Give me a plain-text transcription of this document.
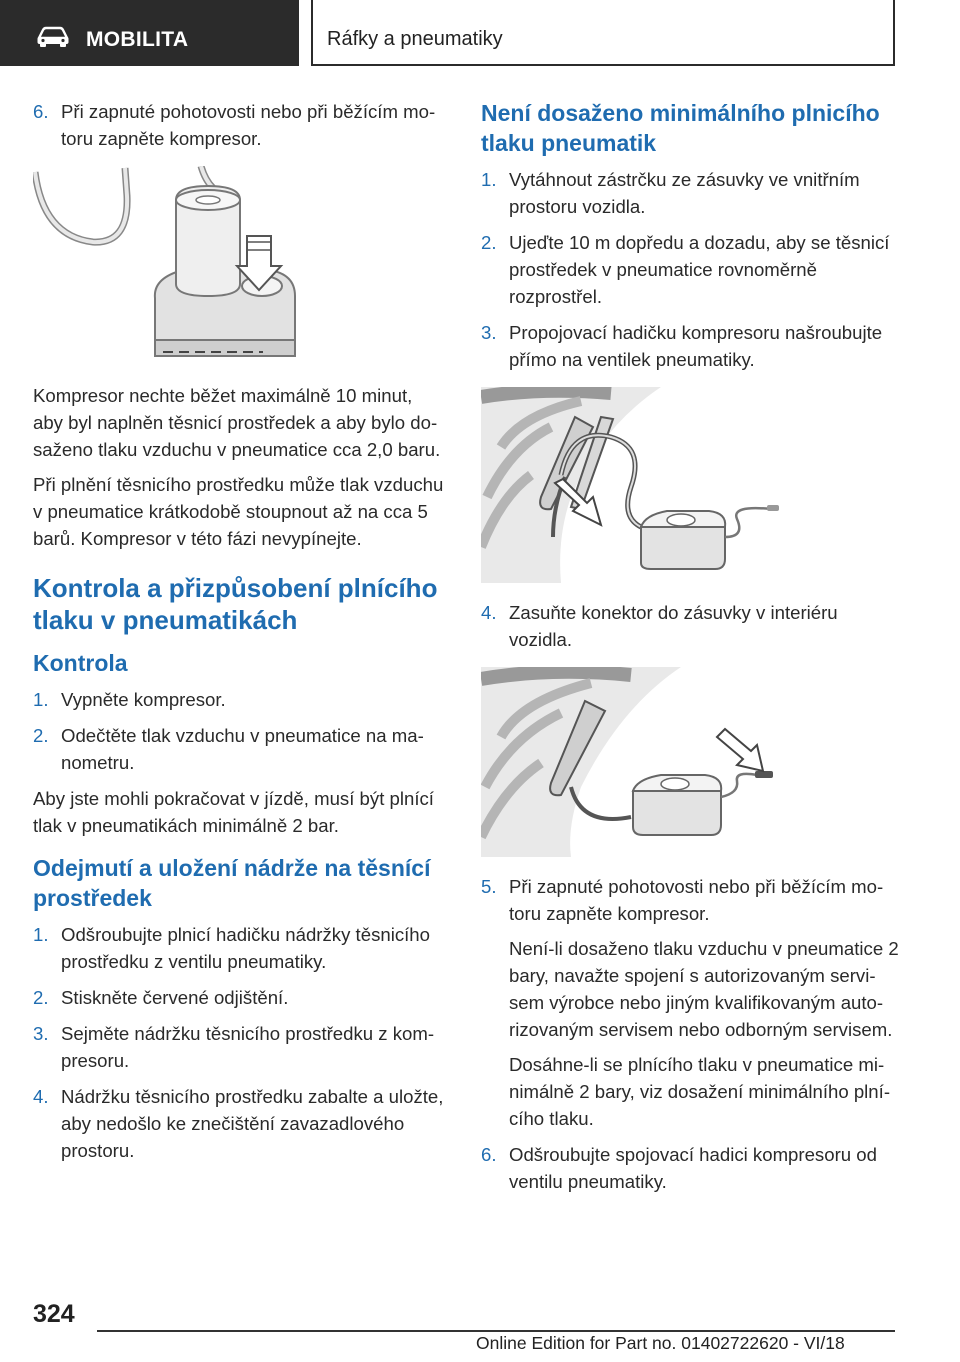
MOBILITA	Ráfky a pneumatiky
6. Při zapnuté pohotovosti nebo při běžícím motoru zapněte kompresor.

Kompresor nechte běžet maximálně 10 minut, aby byl naplněn těsnicí prostředek a aby bylo dosaženo tlaku vzduchu v pneumatice cca 2,0 baru.

Při plnění těsnicího prostředku může tlak vzduchu v pneumatice krátkodobě stoupnout až na cca 5 barů. Kompresor v této fázi nevypínejte.

Kontrola a přizpůsobení plnícího tlaku v pneumatikách
Kontrola
1. Vypněte kompresor.
2. Odečtěte tlak vzduchu v pneumatice na manometru.

Aby jste mohli pokračovat v jízdě, musí být plnící tlak v pneumatikách minimálně 2 bar.

Odejmutí a uložení nádrže na těsnící prostředek
1. Odšroubujte plnicí hadičku nádržky těsnicího prostředku z ventilu pneumatiky.
2. Stiskněte červené odjištění.
3. Sejměte nádržku těsnicího prostředku z kompresoru.
4. Nádržku těsnicího prostředku zabalte a uložte, aby nedošlo ke znečištění zavazadlového prostoru.
Není dosaženo minimálního plnicího tlaku pneumatik
1. Vytáhnout zástrčku ze zásuvky ve vnitřním prostoru vozidla.
2. Ujeďte 10 m dopředu a dozadu, aby se těsnicí prostředek v pneumatice rovnoměrně rozprostřel.
3. Propojovací hadičku kompresoru našroubujte přímo na ventilek pneumatiky.
4. Zasuňte konektor do zásuvky v interiéru vozidla.
5. Při zapnuté pohotovosti nebo při běžícím motoru zapněte kompresor.
Není-li dosaženo tlaku vzduchu v pneumatice 2 bary, navažte spojení s autorizovaným servisem výrobce nebo jiným kvalifikovaným autorizovaným servisem nebo odborným servisem.
Dosáhne-li se plnícího tlaku v pneumatice minimálně 2 bary, viz dosažení minimálního plnícího tlaku.
6. Odšroubujte spojovací hadici kompresoru od ventilu pneumatiky.
324
Online Edition for Part no. 01402722620 - VI/18
